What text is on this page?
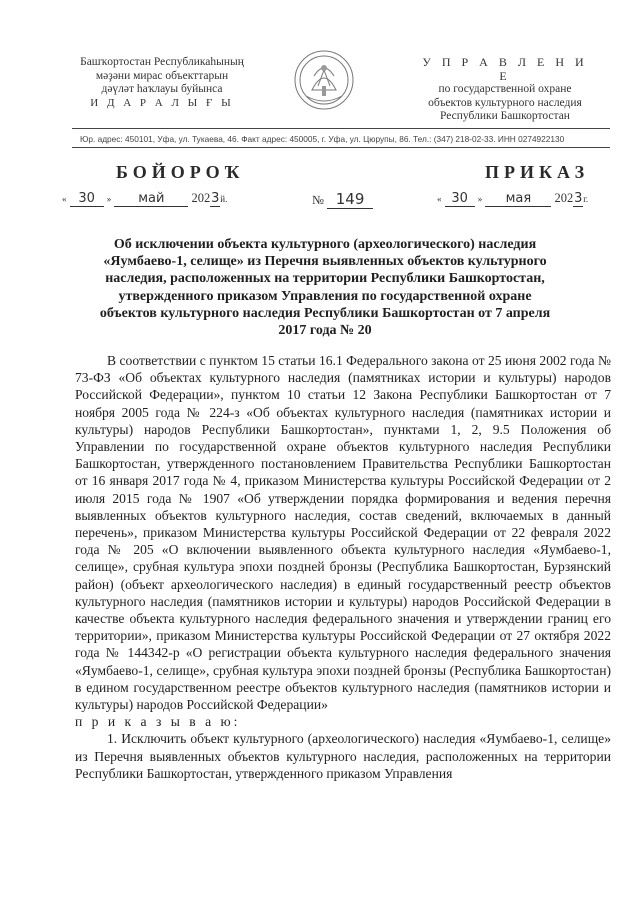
Башҡортостан Республикаһының
мәҙәни мирас объекттарын
дәүләт һаҡлауы буйынса
И Д А Р А Л Ы Ғ Ы
У П Р А В Л Е Н И Е
по государственной охране
объектов культурного наследия
Республики Башкортостан
Юр. адрес: 450101, Уфа, ул. Тукаева, 46. Факт адрес: 450005, г. Уфа, ул. Цюрупы, 86. Тел.: (347) 218-02-33. ИНН 0274922130
БОЙОРОҠ	ПРИКАЗ
« 30 » май 2023й.	№ 149	« 30 » мая 2023г.
Об исключении объекта культурного (археологического) наследия «Яумбаево-1, селище» из Перечня выявленных объектов культурного наследия, расположенных на территории Республики Башкортостан, утвержденного приказом Управления по государственной охране объектов культурного наследия Республики Башкортостан от 7 апреля 2017 года № 20

В соответствии с пунктом 15 статьи 16.1 Федерального закона от 25 июня 2002 года № 73-ФЗ «Об объектах культурного наследия (памятниках истории и культуры) народов Российской Федерации», пунктом 10 статьи 12 Закона Республики Башкортостан от 7 ноября 2005 года № 224-з «Об объектах культурного наследия (памятниках истории и культуры) народов Республики Башкортостан», пунктами 1, 2, 9.5 Положения об Управлении по государственной охране объектов культурного наследия Республики Башкортостан, утвержденного постановлением Правительства Республики Башкортостан от 16 января 2017 года № 4, приказом Министерства культуры Российской Федерации от 2 июля 2015 года № 1907 «Об утверждении порядка формирования и ведения перечня выявленных объектов культурного наследия, состав сведений, включаемых в данный перечень», приказом Министерства культуры Российской Федерации от 22 февраля 2022 года № 205 «О включении выявленного объекта культурного наследия «Яумбаево-1, селище», срубная культура эпохи поздней бронзы (Республика Башкортостан, Бурзянский район) (объект археологического наследия) в единый государственный реестр объектов культурного наследия (памятников истории и культуры) народов Российской Федерации в качестве объекта культурного наследия федерального значения и утверждении границ его территории», приказом Министерства культуры Российской Федерации от 27 октября 2022 года № 144342-р «О регистрации объекта культурного наследия федерального значения «Яумбаево-1, селище», срубная культура эпохи поздней бронзы (Республика Башкортостан) в едином государственном реестре объектов культурного наследия (памятников истории и культуры) народов Российской Федерации»

п р и к а з ы в а ю:

1. Исключить объект культурного (археологического) наследия «Яумбаево-1, селище» из Перечня выявленных объектов культурного наследия, расположенных на территории Республики Башкортостан, утвержденного приказом Управления
